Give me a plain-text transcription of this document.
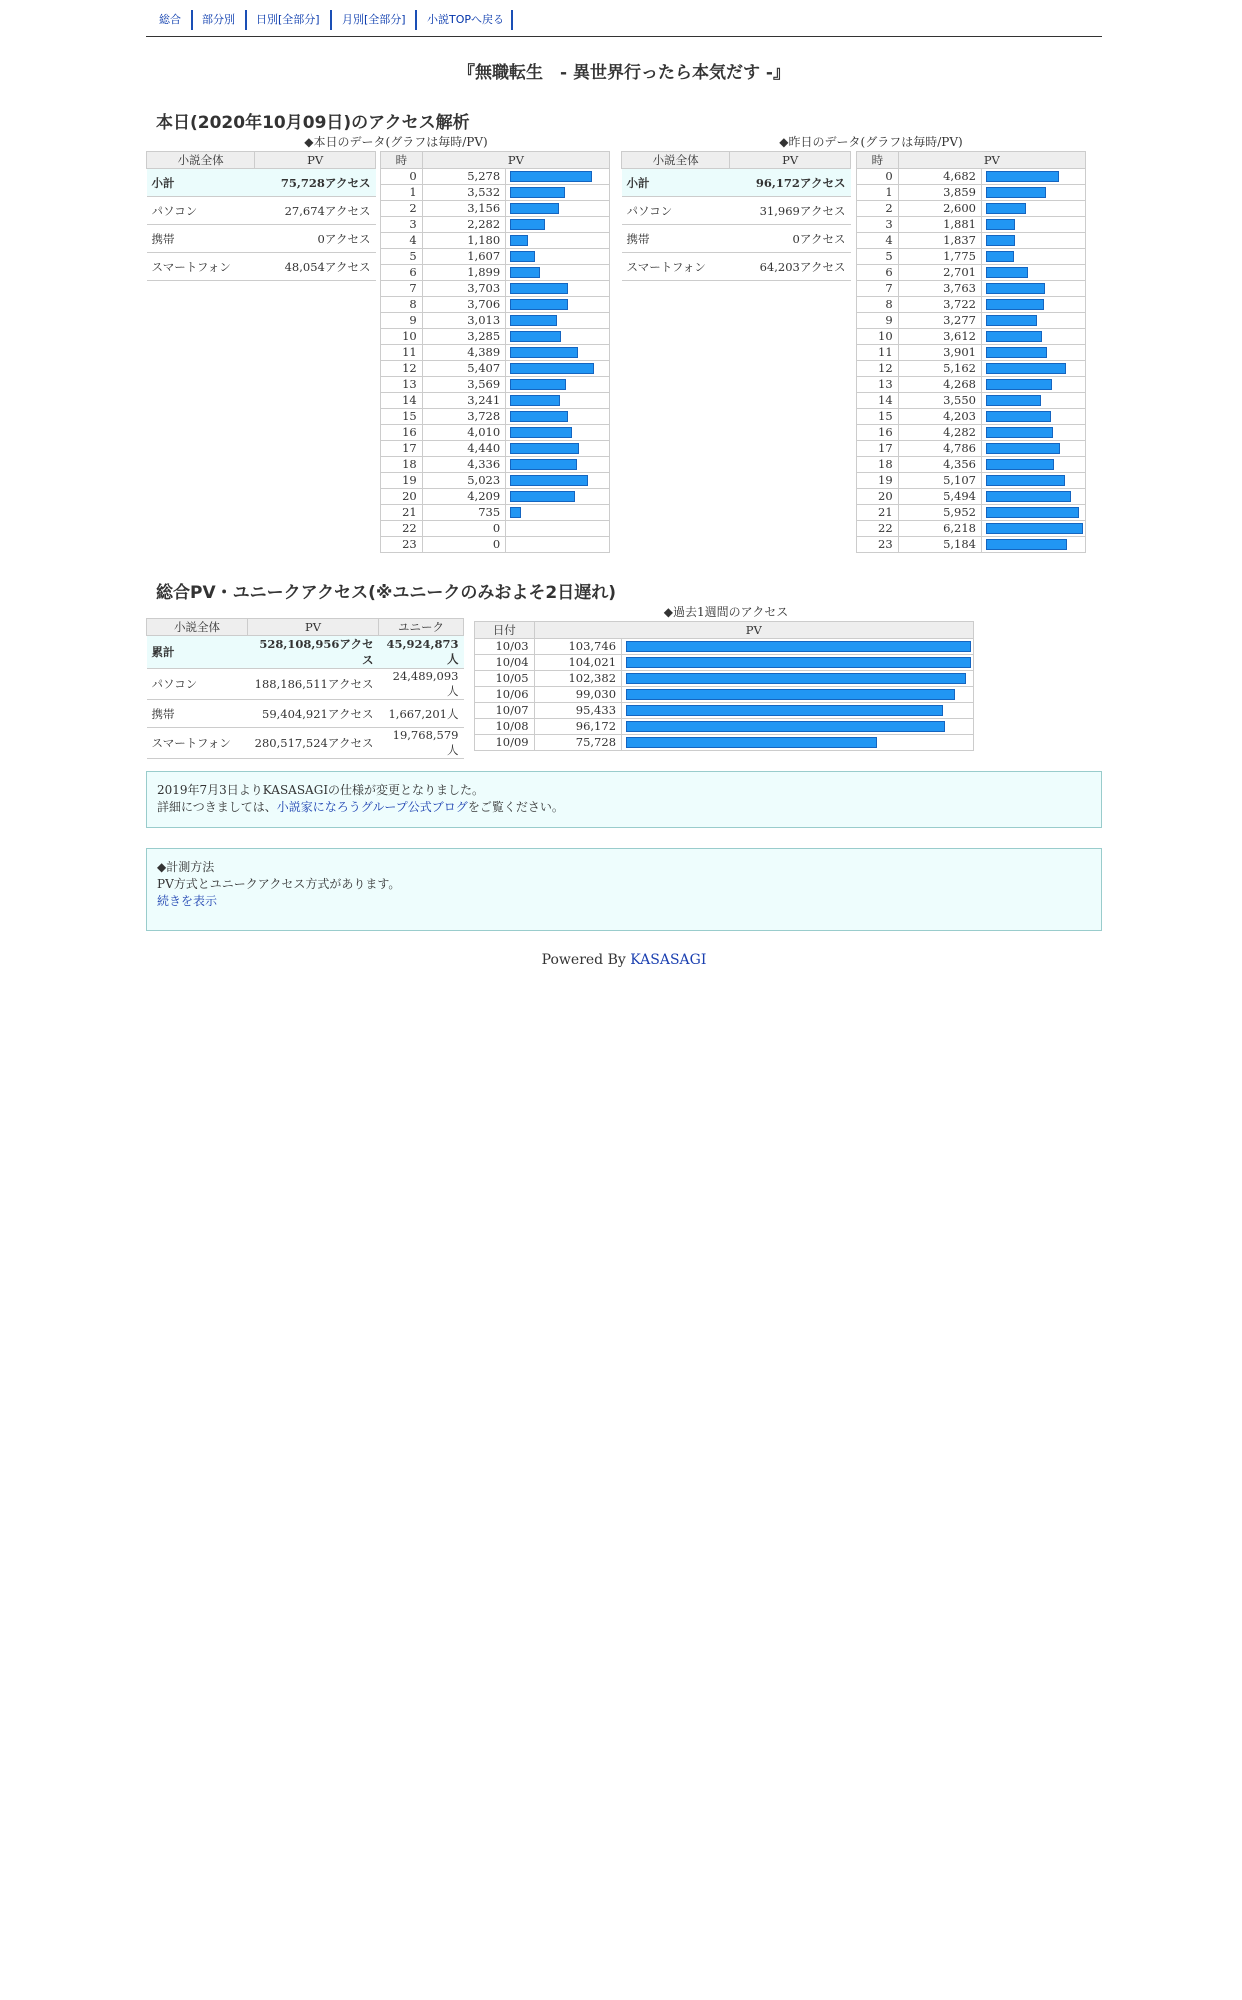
総合 部分別 日別[全部分] 月別[全部分] 小説TOPへ戻る
『無職転生　- 異世界行ったら本気だす -』
本日(2020年10月09日)のアクセス解析
◆本日のデータ(グラフは毎時/PV)	◆昨日のデータ(グラフは毎時/PV)
小説全体	PV
小計	75,728アクセス
パソコン	27,674アクセス
携帯	0アクセス
スマートフォン	48,054アクセス
時	PV	
0	5,278	

1	3,532	

2	3,156	

3	2,282	

4	1,180	

5	1,607	

6	1,899	

7	3,703	

8	3,706	

9	3,013	

10	3,285	

11	4,389	

12	5,407	

13	3,569	

14	3,241	

15	3,728	

16	4,010	

17	4,440	

18	4,336	

19	5,023	

20	4,209	

21	735	

22	0	
23	0	
小説全体	PV
小計	96,172アクセス
パソコン	31,969アクセス
携帯	0アクセス
スマートフォン	64,203アクセス
時	PV	
0	4,682	

1	3,859	

2	2,600	

3	1,881	

4	1,837	

5	1,775	

6	2,701	

7	3,763	

8	3,722	

9	3,277	

10	3,612	

11	3,901	

12	5,162	

13	4,268	

14	3,550	

15	4,203	

16	4,282	

17	4,786	

18	4,356	

19	5,107	

20	5,494	

21	5,952	

22	6,218	

23	5,184	
総合PV・ユニークアクセス(※ユニークのみおよそ2日遅れ)
小説全体	PV	ユニーク
累計	528,108,956アクセス	45,924,873人
パソコン	188,186,511アクセス	24,489,093人
携帯	59,404,921アクセス	1,667,201人
スマートフォン	280,517,524アクセス	19,768,579人
◆過去1週間のアクセス
日付	PV	
10/03	103,746	

10/04	104,021	

10/05	102,382	

10/06	99,030	

10/07	95,433	

10/08	96,172	

10/09	75,728	
2019年7月3日よりKASASAGIの仕様が変更となりました。
詳細につきましては、小説家になろうグループ公式ブログをご覧ください。
◆計測方法
PV方式とユニークアクセス方式があります。
続きを表示
Powered By KASASAGI
